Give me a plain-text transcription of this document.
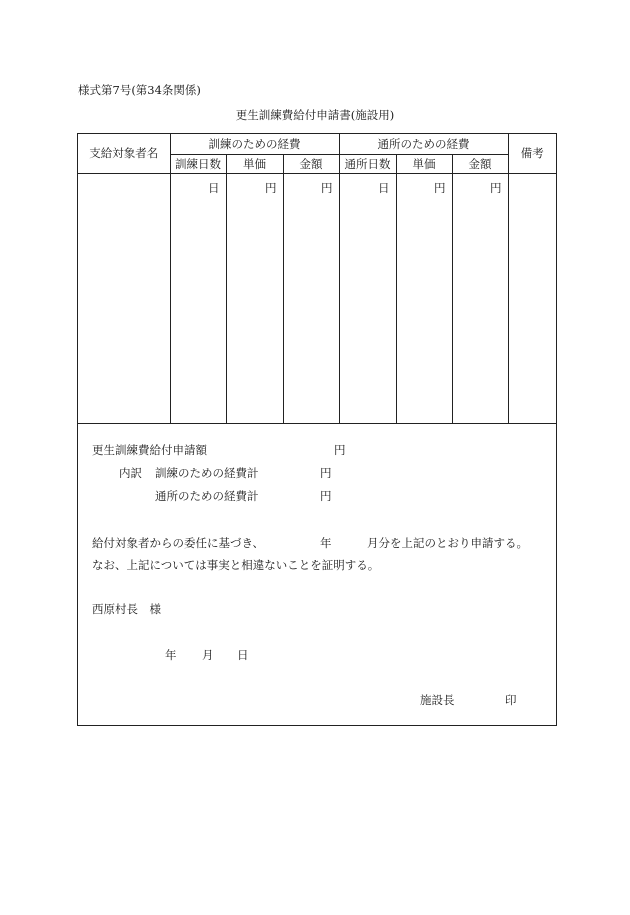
様式第7号(第34条関係)
更生訓練費給付申請書(施設用)
支給対象者名	訓練のための経費			通所のための経費			備考
	訓練日数	単価	金額	通所日数	単価	金額	
	日	円	円	日	円	円	
更生訓練費給付申請額	円
内訳 訓練のための経費計	円
通所のための経費計	円
給付対象者からの委任に基づき、	年	月分を上記のとおり申請する。
なお、上記については事実と相違ないことを証明する。
西原村長　様
年 月 日
施設長	印
